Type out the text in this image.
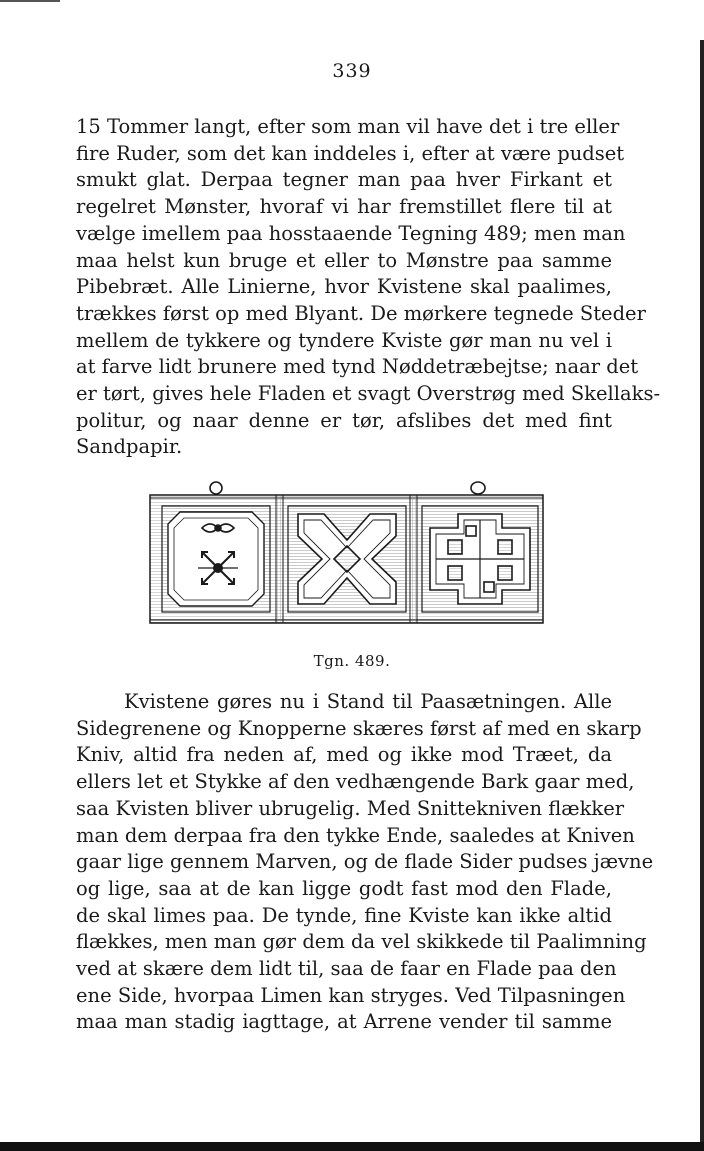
339

15 Tommer langt, efter som man vil have det i tre eller
fire Ruder, som det kan inddeles i, efter at være pudset
smukt glat. Derpaa tegner man paa hver Firkant et
regelret Mønster, hvoraf vi har fremstillet flere til at
vælge imellem paa hosstaaende Tegning 489; men man
maa helst kun bruge et eller to Mønstre paa samme
Pibebræt. Alle Linierne, hvor Kvistene skal paalimes,
trækkes først op med Blyant. De mørkere tegnede Steder
mellem de tykkere og tyndere Kviste gør man nu vel i
at farve lidt brunere med tynd Nøddetræbejtse; naar det
er tørt, gives hele Fladen et svagt Overstrøg med Skellaks-
politur, og naar denne er tør, afslibes det med fint
Sandpapir.

Tgn. 489.

Kvistene gøres nu i Stand til Paasætningen. Alle
Sidegrenene og Knopperne skæres først af med en skarp
Kniv, altid fra neden af, med og ikke mod Træet, da
ellers let et Stykke af den vedhængende Bark gaar med,
saa Kvisten bliver ubrugelig. Med Snittekniven flækker
man dem derpaa fra den tykke Ende, saaledes at Kniven
gaar lige gennem Marven, og de flade Sider pudses jævne
og lige, saa at de kan ligge godt fast mod den Flade,
de skal limes paa. De tynde, fine Kviste kan ikke altid
flækkes, men man gør dem da vel skikkede til Paalimning
ved at skære dem lidt til, saa de faar en Flade paa den
ene Side, hvorpaa Limen kan stryges. Ved Tilpasningen
maa man stadig iagttage, at Arrene vender til samme
